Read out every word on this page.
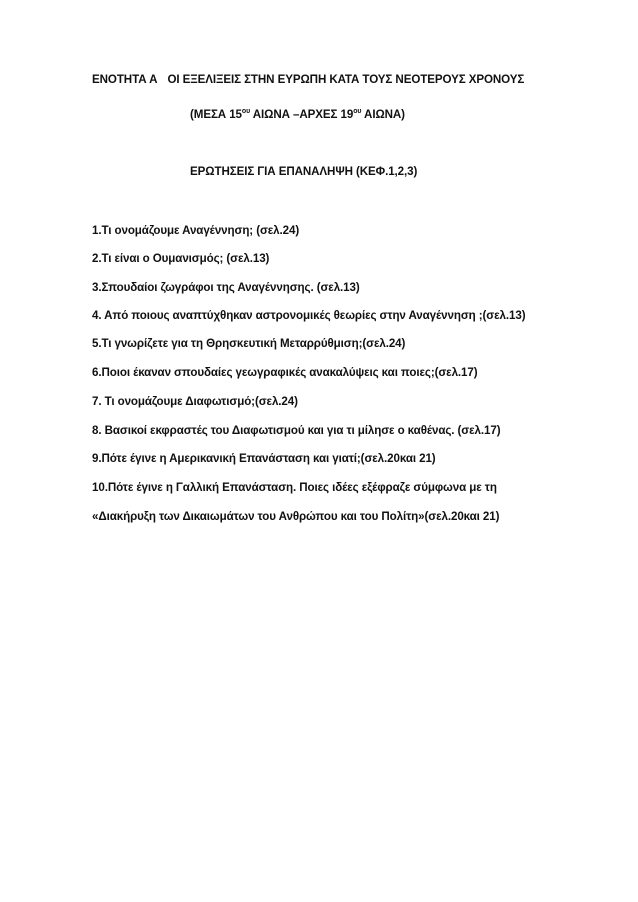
ΕΝΟΤΗΤΑ Α ΟΙ ΕΞΕΛΙΞΕΙΣ ΣΤΗΝ ΕΥΡΩΠΗ ΚΑΤΑ ΤΟΥΣ ΝΕΟΤΕΡΟΥΣ ΧΡΟΝΟΥΣ
(ΜΕΣΑ $15^{o\upsilon}$ ΑΙΩΝΑ –ΑΡΧΕΣ $19^{o\upsilon}$ ΑΙΩΝΑ)
ΕΡΩΤΗΣΕΙΣ ΓΙΑ ΕΠΑΝΑΛΗΨΗ (ΚΕΦ.1,2,3)
1.Τι ονομάζουμε Αναγέννηση; (σελ.24)
2.Τι είναι ο Ουμανισμός; (σελ.13)
3.Σπουδαίοι ζωγράφοι της Αναγέννησης. (σελ.13)
4. Από ποιους αναπτύχθηκαν αστρονομικές θεωρίες στην Αναγέννηση ;(σελ.13)
5.Τι γνωρίζετε για τη Θρησκευτική Μεταρρύθμιση;(σελ.24)
6.Ποιοι έκαναν σπουδαίες γεωγραφικές ανακαλύψεις και ποιες;(σελ.17)
7. Τι ονομάζουμε Διαφωτισμό;(σελ.24)
8. Βασικοί εκφραστές του Διαφωτισμού και για τι μίλησε ο καθένας. (σελ.17)
9.Πότε έγινε η Αμερικανική Επανάσταση και γιατί;(σελ.20και 21)
10.Πότε έγινε η Γαλλική Επανάσταση. Ποιες ιδέες εξέφραζε σύμφωνα με τη
«Διακήρυξη των Δικαιωμάτων του Ανθρώπου και του Πολίτη»(σελ.20και 21)
